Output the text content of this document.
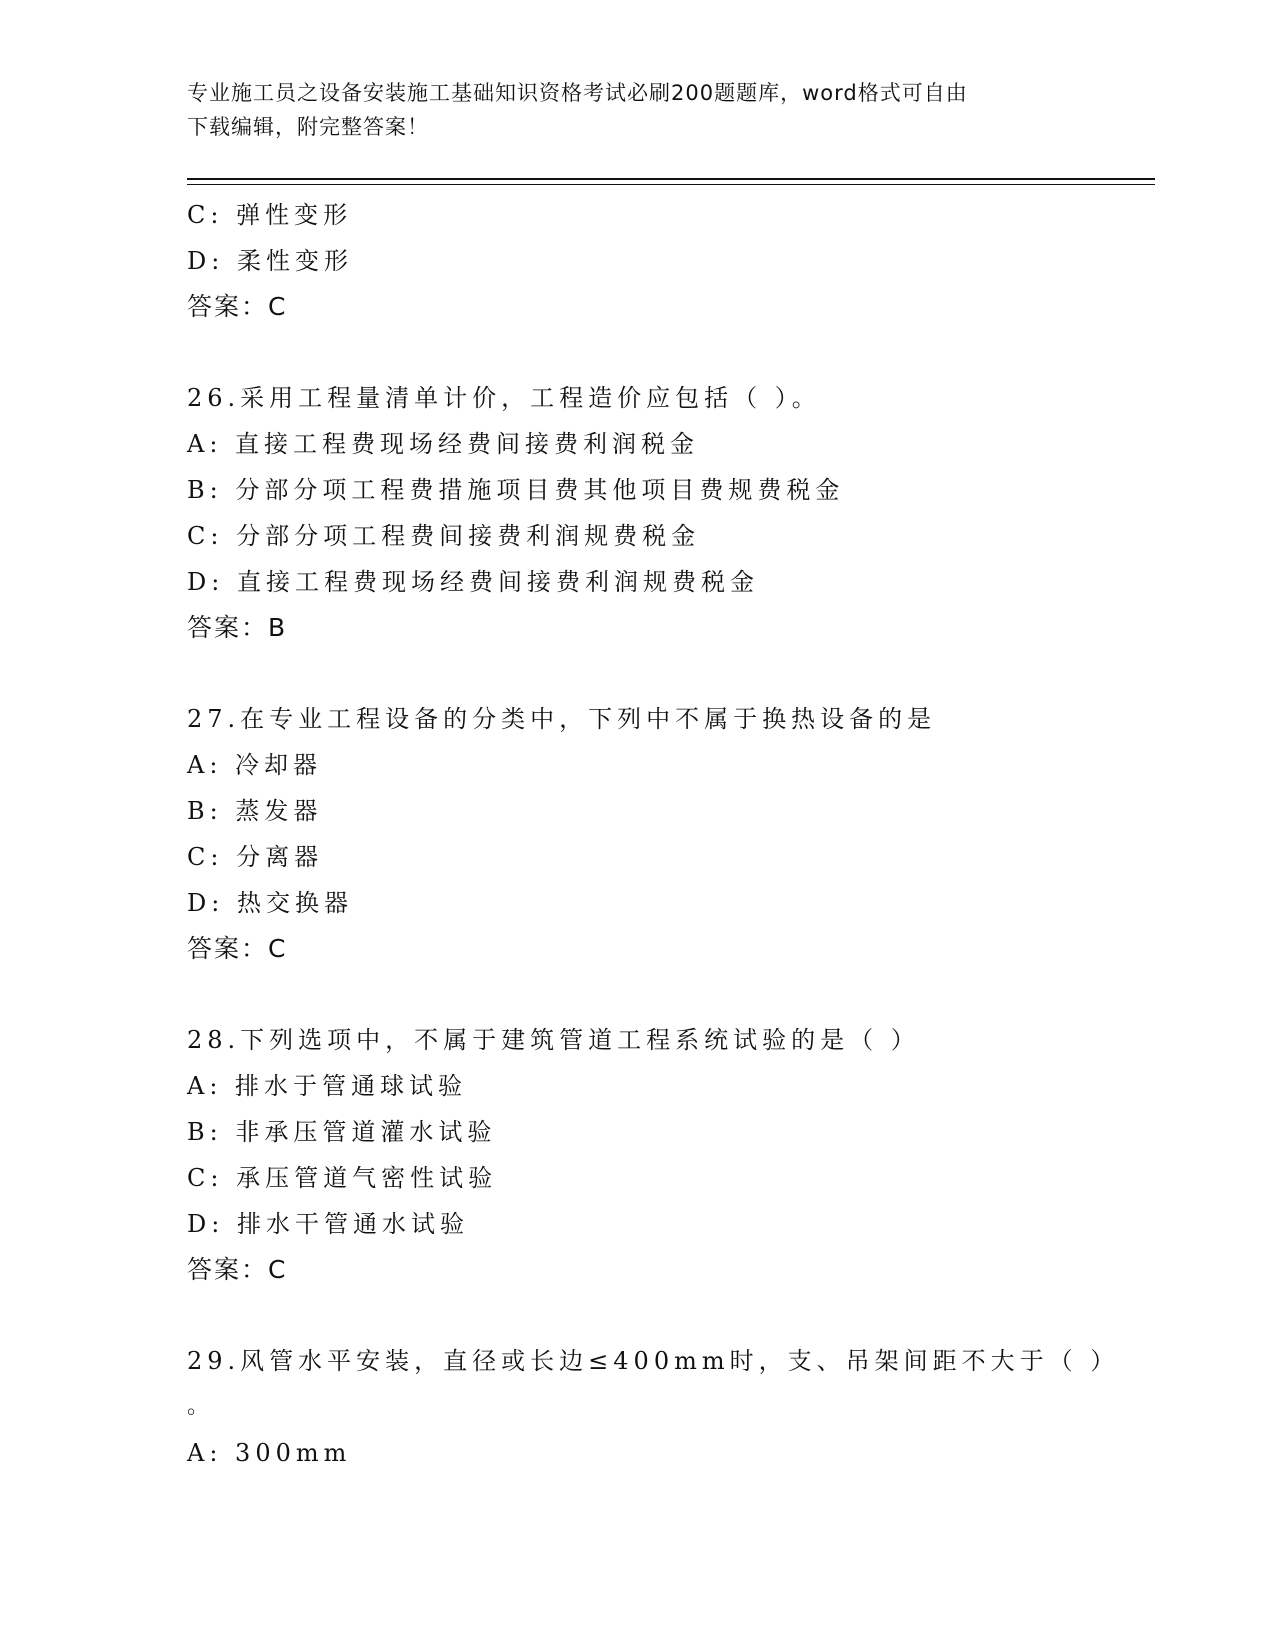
专业施工员之设备安装施工基础知识资格考试必刷200题题库，word格式可自由
下载编辑，附完整答案！
C: 弹性变形
D: 柔性变形
答案：C
26.采用工程量清单计价，工程造价应包括（ ）。
A: 直接工程费现场经费间接费利润税金
B: 分部分项工程费措施项目费其他项目费规费税金
C: 分部分项工程费间接费利润规费税金
D: 直接工程费现场经费间接费利润规费税金
答案：B
27.在专业工程设备的分类中，下列中不属于换热设备的是
A: 冷却器
B: 蒸发器
C: 分离器
D: 热交换器
答案：C
28.下列选项中，不属于建筑管道工程系统试验的是（ ）
A: 排水于管通球试验
B: 非承压管道灌水试验
C: 承压管道气密性试验
D: 排水干管通水试验
答案：C
29.风管水平安装，直径或长边≤400mm时，支、吊架间距不大于（ ）
。
A: 300mm
